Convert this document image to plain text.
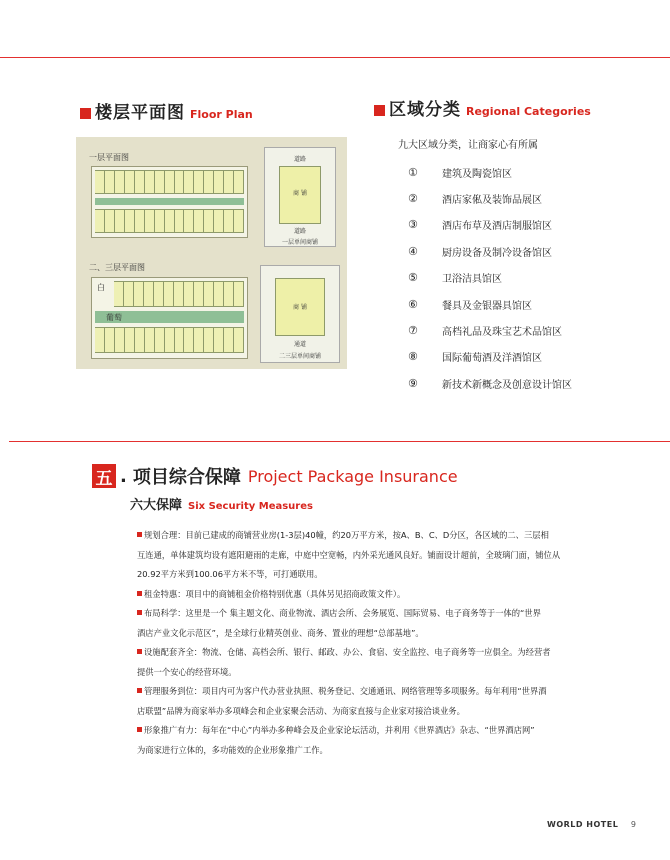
楼层平面图 Floor Plan	区域分类 Regional Categories
一层平面图	道路
商 铺
道路
一层单间商铺
二、三层平面图
白
葡萄
商 铺
通道
二三层单间商铺
九大区域分类，让商家心有所属
①	建筑及陶瓷馆区
②	酒店家俬及装饰品展区
③	酒店布草及酒店制服馆区
④	厨房设备及制冷设备馆区
⑤	卫浴洁具馆区
⑥	餐具及金银器具馆区
⑦	高档礼品及珠宝艺术品馆区
⑧	国际葡萄酒及洋酒馆区
⑨	新技术新概念及创意设计馆区
五 . 项目综合保障 Project Package Insurance
六大保障 Six Security Measures

规划合理：目前已建成的商铺营业房(1-3层)40幢，约20万平方米，按A、B、C、D分区，各区域的二、三层相
互连通，单体建筑均设有遮阳避雨的走廊，中庭中空宽畅，内外采光通风良好。铺面设计超前，全玻璃门面，铺位从
20.92平方米到100.06平方米不等，可打通联用。

租金特惠：项目中的商铺租金价格特别优惠（具体另见招商政策文件）。

布局科学：这里是一个 集主题文化、商业物流、酒店会所、会务展览、国际贸易、电子商务等于一体的“世界
酒店产业文化示范区”，是全球行业精英创业、商务、置业的理想“总部基地”。

设施配套齐全：物流、仓储、高档会所、银行、邮政、办公、食宿、安全监控、电子商务等一应俱全。为经营者
提供一个安心的经营环境。

管理服务到位：项目内可为客户代办营业执照、税务登记、交通通讯、网络管理等多项服务。每年利用“世界酒
店联盟”品牌为商家举办多项峰会和企业家聚会活动、为商家直接与企业家对接洽谈业务。

形象推广有力：每年在“中心”内举办多种峰会及企业家论坛活动，并利用《世界酒店》杂志、“世界酒店网”
为商家进行立体的，多功能效的企业形象推广工作。

WORLD HOTEL 9
